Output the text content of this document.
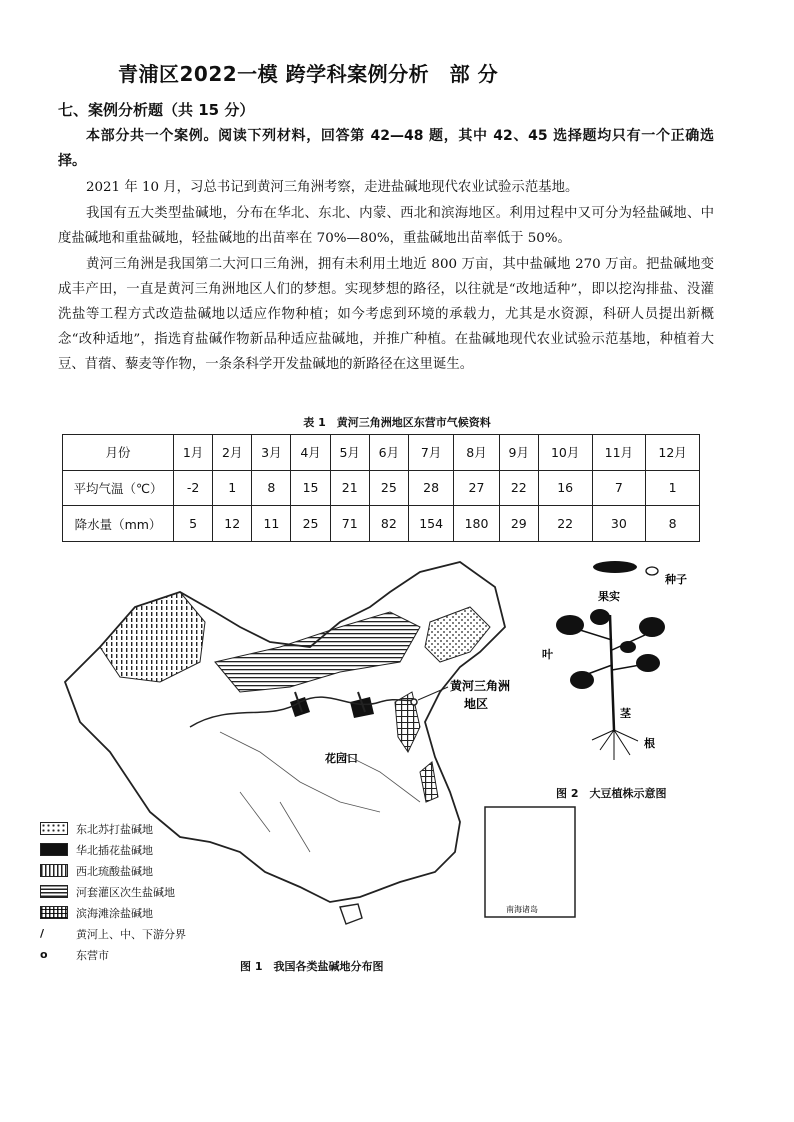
青浦区2022一模 跨学科案例分析　部 分
七、案例分析题（共 15 分）
本部分共一个案例。阅读下列材料，回答第 42—48 题，其中 42、45 选择题均只有一个正确选择。
2021 年 10 月，习总书记到黄河三角洲考察，走进盐碱地现代农业试验示范基地。
我国有五大类型盐碱地，分布在华北、东北、内蒙、西北和滨海地区。利用过程中又可分为轻盐碱地、中度盐碱地和重盐碱地，轻盐碱地的出苗率在 70%—80%，重盐碱地出苗率低于 50%。
黄河三角洲是我国第二大河口三角洲，拥有未利用土地近 800 万亩，其中盐碱地 270 万亩。把盐碱地变成丰产田，一直是黄河三角洲地区人们的梦想。实现梦想的路径，以往就是“改地适种”，即以挖沟排盐、没灌洗盐等工程方式改造盐碱地以适应作物种植；如今考虑到环境的承载力，尤其是水资源，科研人员提出新概念“改种适地”，指选育盐碱作物新品种适应盐碱地，并推广种植。在盐碱地现代农业试验示范基地，种植着大豆、苜蓿、藜麦等作物，一条条科学开发盐碱地的新路径在这里诞生。
表 1　黄河三角洲地区东营市气候资料
月份	1月	2月	3月	4月	5月	6月	7月	8月	9月	10月	11月	12月
平均气温（℃）	-2	1	8	15	21	25	28	27	22	16	7	1
降水量（mm）	5	12	11	25	71	82	154	180	29	22	30	8
黄河三角洲
地区
花园口
南海诸岛
东北苏打盐碱地
华北插花盐碱地
西北琉酸盐碱地
河套灌区次生盐碱地
滨海滩涂盐碱地
/	黄河上、中、下游分界
o	东营市
图 1　我国各类盐碱地分布图
种子
果实
叶
茎
根
图 2　大豆植株示意图
